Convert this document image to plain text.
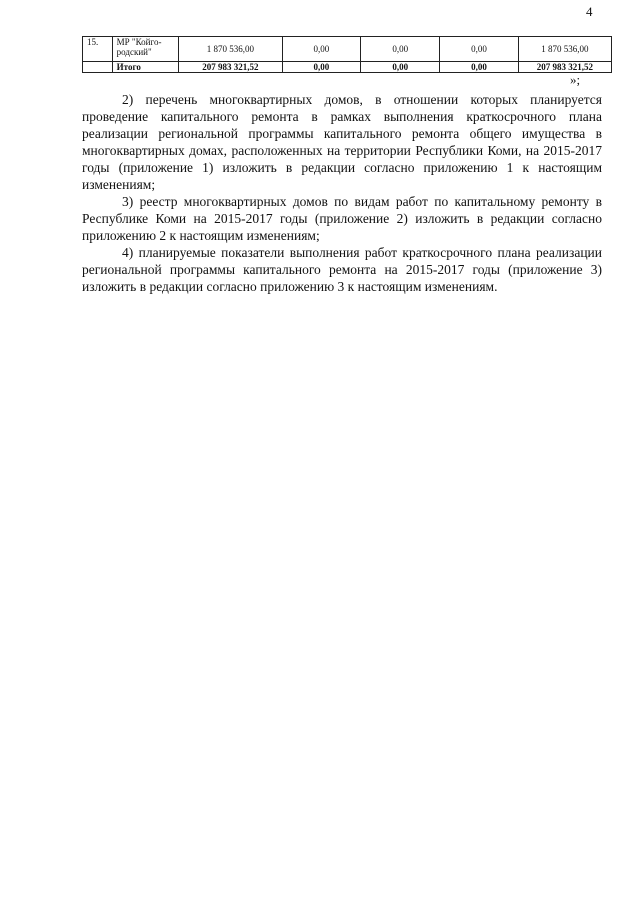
4
15.	МР "Койго-родский"	1 870 536,00	0,00	0,00	0,00	1 870 536,00
	Итого	207 983 321,52	0,00	0,00	0,00	207 983 321,52
»;

2) перечень многоквартирных домов, в отношении которых планируется проведение капитального ремонта в рамках выполнения краткосрочного плана реализации региональной программы капитального ремонта общего имущества в многоквартирных домах, расположенных на территории Республики Коми, на 2015-2017 годы (приложение 1) изложить в редакции согласно приложению 1 к настоящим изменениям;

3) реестр многоквартирных домов по видам работ по капитальному ремонту в Республике Коми на 2015-2017 годы (приложение 2) изложить в редакции согласно приложению 2 к настоящим изменениям;

4) планируемые показатели выполнения работ краткосрочного плана реализации региональной программы капитального ремонта на 2015-2017 годы (приложение 3) изложить в редакции согласно приложению 3 к настоящим изменениям.
